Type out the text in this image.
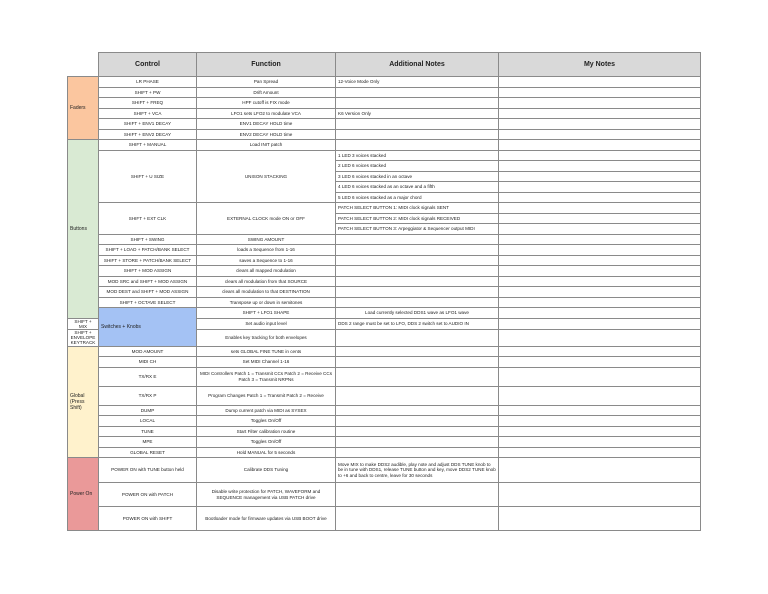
	Control	Function	Additional Notes	My Notes	
Faders	LR PHASE	Pan Spread	12-Voice Mode Only		
	SHIFT + PW	Drift Amount			
	SHIFT + FREQ	HPF cutoff is FIX mode			
	SHIFT + VCA	LFO1 sets LFO2 to modulate VCA	K6 Version Only		
	SHIFT + ENV1 DECAY	ENV1 DECAY HOLD time			
	SHIFT + ENV2 DECAY	ENV2 DECAY HOLD time			
Buttons	SHIFT + MANUAL	Load INIT patch			
	SHIFT + U SIZE	UNISON STACKING	1 LED 3 voices stacked		
			2 LED 6 voices stacked		
			3 LED 6 voices stacked in an octave		
			4 LED 6 voices stacked as an octave and a fifth		
			5 LED 6 voices stacked as a major chord		
	SHIFT + EXT CLK	EXTERNAL CLOCK mode ON or OFF	PATCH SELECT BUTTON 1: MIDI clock signals SENT		
			PATCH SELECT BUTTON 2: MIDI clock signals RECEIVED		
			PATCH SELECT BUTTON 3: Arpeggiator & Sequencer output MIDI		
	SHIFT + SWING	SWING AMOUNT			
	SHIFT + LOAD + PATCH/BANK SELECT	loads a Sequence from 1-16			
	SHIFT + STORE + PATCH/BANK SELECT	saves a Sequence to 1-16			
	SHIFT + MOD ASSIGN	clears all mapped modulation			
	MOD SRC and SHIFT + MOD ASSIGN	clears all modulation from that SOURCE			
	MOD DEST and SHIFT + MOD ASSIGN	clears all modulation to that DESTINATION			
	SHIFT + OCTAVE SELECT	Transpose up or down in semitones			
	Switches + Knobs	SHIFT + LFO1 SHAPE	Load currently selected DDS1 wave as LFO1 wave		
SHIFT + MIX		Set audio input level	DDS 2 range must be set to LFO, DDS 2 switch set to AUDIO IN		
SHIFT + ENVELOPE KEYTRACK		Enables key tracking for both envelopes			
Global (Press Shift)	MOD AMOUNT	sets GLOBAL FINE TUNE in cents			
	MIDI CH	Set MIDI Channel 1-16			
	TX/RX E	MIDI Controllers Patch 1 = Transmit CCs Patch 2 = Receive CCs Patch 3 = Transmit NRPNs			
	TX/RX P	Program Changes Patch 1 = Transmit Patch 2 = Receive			
	DUMP	Dump current patch via MIDI as SYSEX			
	LOCAL	Toggles On/Off			
	TUNE	Start Filter calibration routine			
	MPE	Toggles On/Off			
	GLOBAL RESET	Hold MANUAL for 5 seconds			
Power On	POWER ON with TUNE button held	Calibrate DDS Tuning	Move MIX to make DDS2 audible, play note and adjust DDS TUNE knob to be in tune with DDS1, release TUNE button and key, move DDS2 TUNE knob to +6 and back to centre, leave for 30 seconds		
	POWER ON with PATCH	Disable write protection for PATCH, WAVEFORM and SEQUENCE management via USB PATCH drive			
	POWER ON with SHIFT	Bootloader mode for firmware updates via USB BOOT drive			
